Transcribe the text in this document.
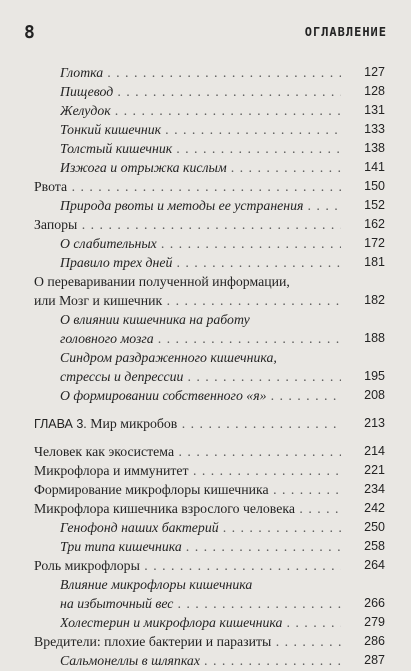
8	ОГЛАВЛЕНИЕ
Глотка . . .	127
Пищевод . . .	128
Желудок . . .	131
Тонкий кишечник . . .	133
Толстый кишечник . . .	138
Изжога и отрыжка кислым . . .	141
Рвота . . .	150
Природа рвоты и методы ее устранения . . .	152
Запоры . . .	162
О слабительных . . .	172
Правило трех дней . . .	181
О переваривании полученной информации,
или Мозг и кишечник . . .	182
О влиянии кишечника на работу
головного мозга . . .	188
Синдром раздраженного кишечника,
стрессы и депрессии . . .	195
О формировании собственного «я» . . .	208
ГЛАВА 3. Мир микробов . . .	213
Человек как экосистема . . .	214
Микрофлора и иммунитет . . .	221
Формирование микрофлоры кишечника . . .	234
Микрофлора кишечника взрослого человека . . .	242
Генофонд наших бактерий . . .	250
Три типа кишечника . . .	258
Роль микрофлоры . . .	264
Влияние микрофлоры кишечника
на избыточный вес . . .	266
Холестерин и микрофлора кишечника . . .	279
Вредители: плохие бактерии и паразиты . . .	286
Сальмонеллы в шляпках . . .	287
